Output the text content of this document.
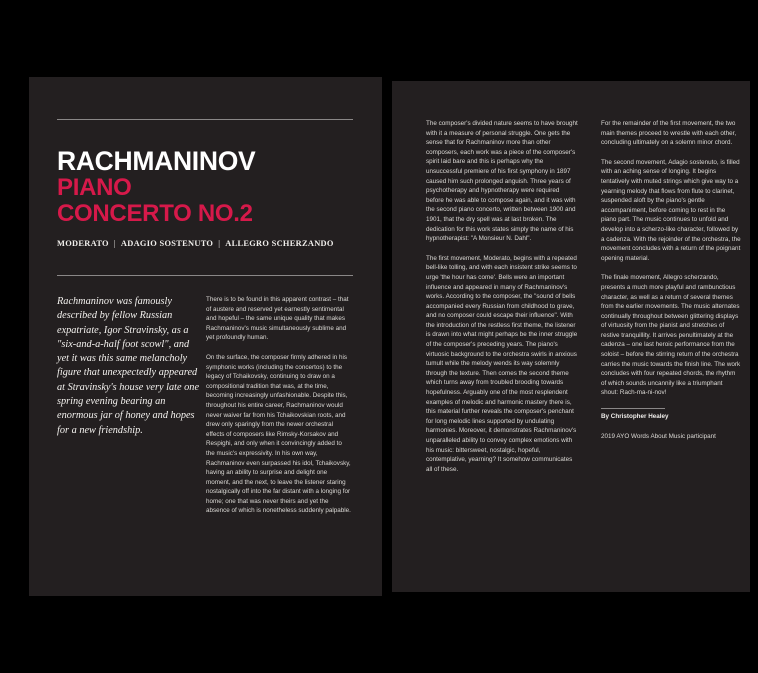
RACHMANINOV
PIANO
CONCERTO NO.2
MODERATO | ADAGIO SOSTENUTO | ALLEGRO SCHERZANDO

Rachmaninov was famously described by fellow Russian expatriate, Igor Stravinsky, as a "six-and-a-half foot scowl", and yet it was this same melancholy figure that unexpectedly appeared at Stravinsky's house very late one spring evening bearing an enormous jar of honey and hopes for a new friendship.

There is to be found in this apparent contrast – that of austere and reserved yet earnestly sentimental and hopeful – the same unique quality that makes Rachmaninov's music simultaneously sublime and yet profoundly human.

On the surface, the composer firmly adhered in his symphonic works (including the concertos) to the legacy of Tchaikovsky, continuing to draw on a compositional tradition that was, at the time, becoming increasingly unfashionable. Despite this, throughout his entire career, Rachmaninov would never waiver far from his Tchaikovskian roots, and drew only sparingly from the newer orchestral effects of composers like Rimsky-Korsakov and Respighi, and only when it convincingly added to the music's expressivity. In his own way, Rachmaninov even surpassed his idol, Tchaikovsky, having an ability to surprise and delight one moment, and the next, to leave the listener staring nostalgically off into the far distant with a longing for home; one that was never theirs and yet the absence of which is nonetheless suddenly palpable.

The composer's divided nature seems to have brought with it a measure of personal struggle. One gets the sense that for Rachmaninov more than other composers, each work was a piece of the composer's spirit laid bare and this is perhaps why the unsuccessful premiere of his first symphony in 1897 caused him such prolonged anguish. Three years of psychotherapy and hypnotherapy were required before he was able to compose again, and it was with the second piano concerto, written between 1900 and 1901, that the dry spell was at last broken. The dedication for this work states simply the name of his hypnotherapist: "A Monsieur N. Dahl".

The first movement, Moderato, begins with a repeated bell-like tolling, and with each insistent strike seems to urge 'the hour has come'. Bells were an important influence and appeared in many of Rachmaninov's works. According to the composer, the "sound of bells accompanied every Russian from childhood to grave, and no composer could escape their influence". With the introduction of the restless first theme, the listener is drawn into what might perhaps be the inner struggle of the composer's preceding years. The piano's virtuosic background to the orchestra swirls in anxious tumult while the melody wends its way solemnly through the texture. Then comes the second theme which turns away from troubled brooding towards hopefulness. Arguably one of the most resplendent examples of melodic and harmonic mastery there is, this material further reveals the composer's penchant for long melodic lines supported by undulating harmonies. Moreover, it demonstrates Rachmaninov's unparalleled ability to convey complex emotions with his music: bittersweet, nostalgic, hopeful, contemplative, yearning? It somehow communicates all of these.

For the remainder of the first movement, the two main themes proceed to wrestle with each other, concluding ultimately on a solemn minor chord.

The second movement, Adagio sostenuto, is filled with an aching sense of longing. It begins tentatively with muted strings which give way to a yearning melody that flows from flute to clarinet, suspended aloft by the piano's gentle accompaniment, before coming to rest in the piano part. The music continues to unfold and develop into a scherzo-like character, followed by a cadenza. With the rejoinder of the orchestra, the movement concludes with a return of the poignant opening material.

The finale movement, Allegro scherzando, presents a much more playful and rambunctious character, as well as a return of several themes from the earlier movements. The music alternates continually throughout between glittering displays of virtuosity from the pianist and stretches of restive tranquillity. It arrives penultimately at the cadenza – one last heroic performance from the soloist – before the stirring return of the orchestra carries the music towards the finish line. The work concludes with four repeated chords, the rhythm of which sounds uncannily like a triumphant shout: Rach-ma-ni-nov!

By Christopher Healey

2019 AYO Words About Music participant
